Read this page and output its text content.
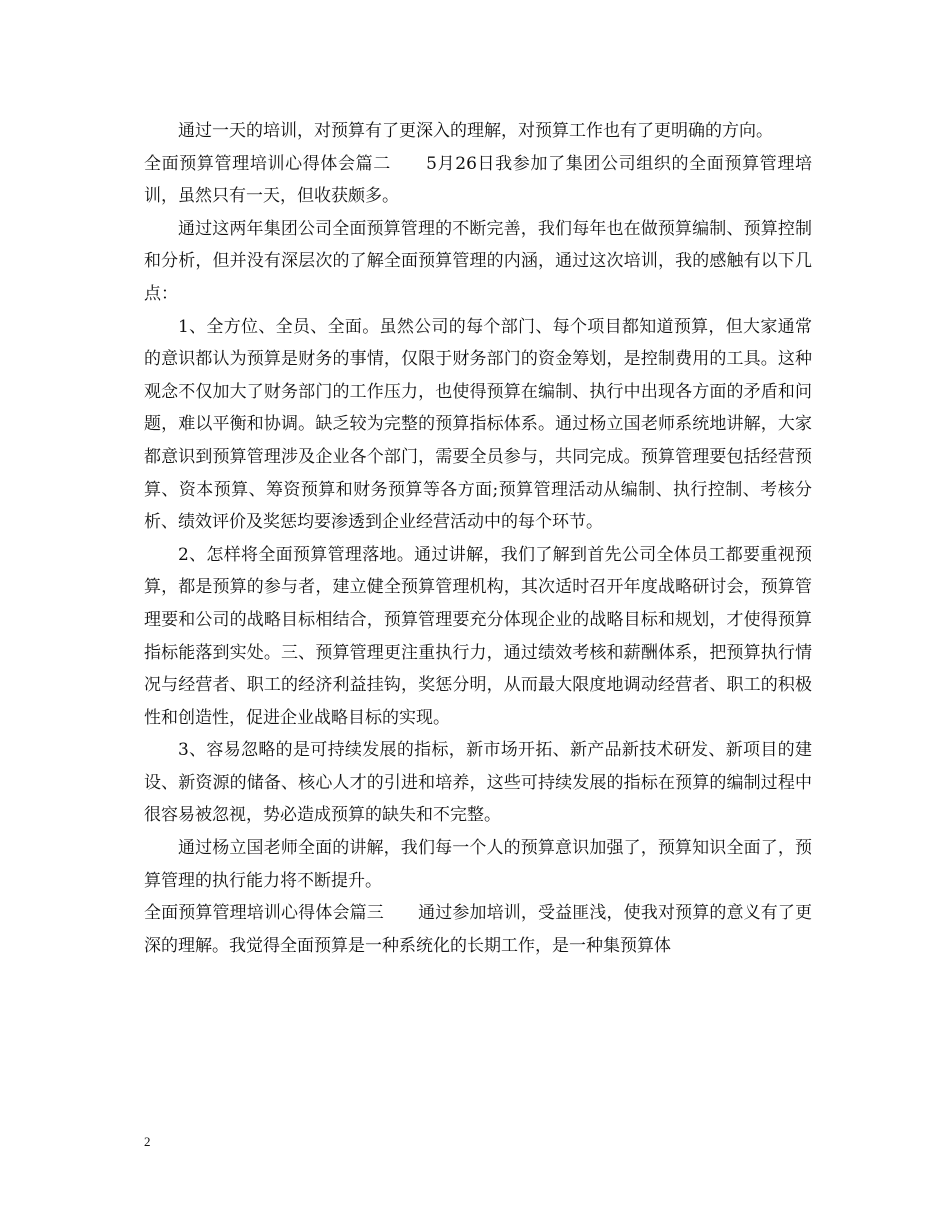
通过一天的培训，对预算有了更深入的理解，对预算工作也有了更明确的方向。

全面预算管理培训心得体会篇二　　5月26日我参加了集团公司组织的全面预算管理培训，虽然只有一天，但收获颇多。

通过这两年集团公司全面预算管理的不断完善，我们每年也在做预算编制、预算控制和分析，但并没有深层次的了解全面预算管理的内涵，通过这次培训，我的感触有以下几点：

1、全方位、全员、全面。虽然公司的每个部门、每个项目都知道预算，但大家通常的意识都认为预算是财务的事情，仅限于财务部门的资金筹划，是控制费用的工具。这种观念不仅加大了财务部门的工作压力，也使得预算在编制、执行中出现各方面的矛盾和问题，难以平衡和协调。缺乏较为完整的预算指标体系。通过杨立国老师系统地讲解，大家都意识到预算管理涉及企业各个部门，需要全员参与，共同完成。预算管理要包括经营预算、资本预算、筹资预算和财务预算等各方面;预算管理活动从编制、执行控制、考核分析、绩效评价及奖惩均要渗透到企业经营活动中的每个环节。

2、怎样将全面预算管理落地。通过讲解，我们了解到首先公司全体员工都要重视预算，都是预算的参与者，建立健全预算管理机构，其次适时召开年度战略研讨会，预算管理要和公司的战略目标相结合，预算管理要充分体现企业的战略目标和规划，才使得预算指标能落到实处。三、预算管理更注重执行力，通过绩效考核和薪酬体系，把预算执行情况与经营者、职工的经济利益挂钩，奖惩分明，从而最大限度地调动经营者、职工的积极性和创造性，促进企业战略目标的实现。

3、容易忽略的是可持续发展的指标，新市场开拓、新产品新技术研发、新项目的建设、新资源的储备、核心人才的引进和培养，这些可持续发展的指标在预算的编制过程中很容易被忽视，势必造成预算的缺失和不完整。

通过杨立国老师全面的讲解，我们每一个人的预算意识加强了，预算知识全面了，预算管理的执行能力将不断提升。

全面预算管理培训心得体会篇三　　通过参加培训，受益匪浅，使我对预算的意义有了更深的理解。我觉得全面预算是一种系统化的长期工作，是一种集预算体

2
